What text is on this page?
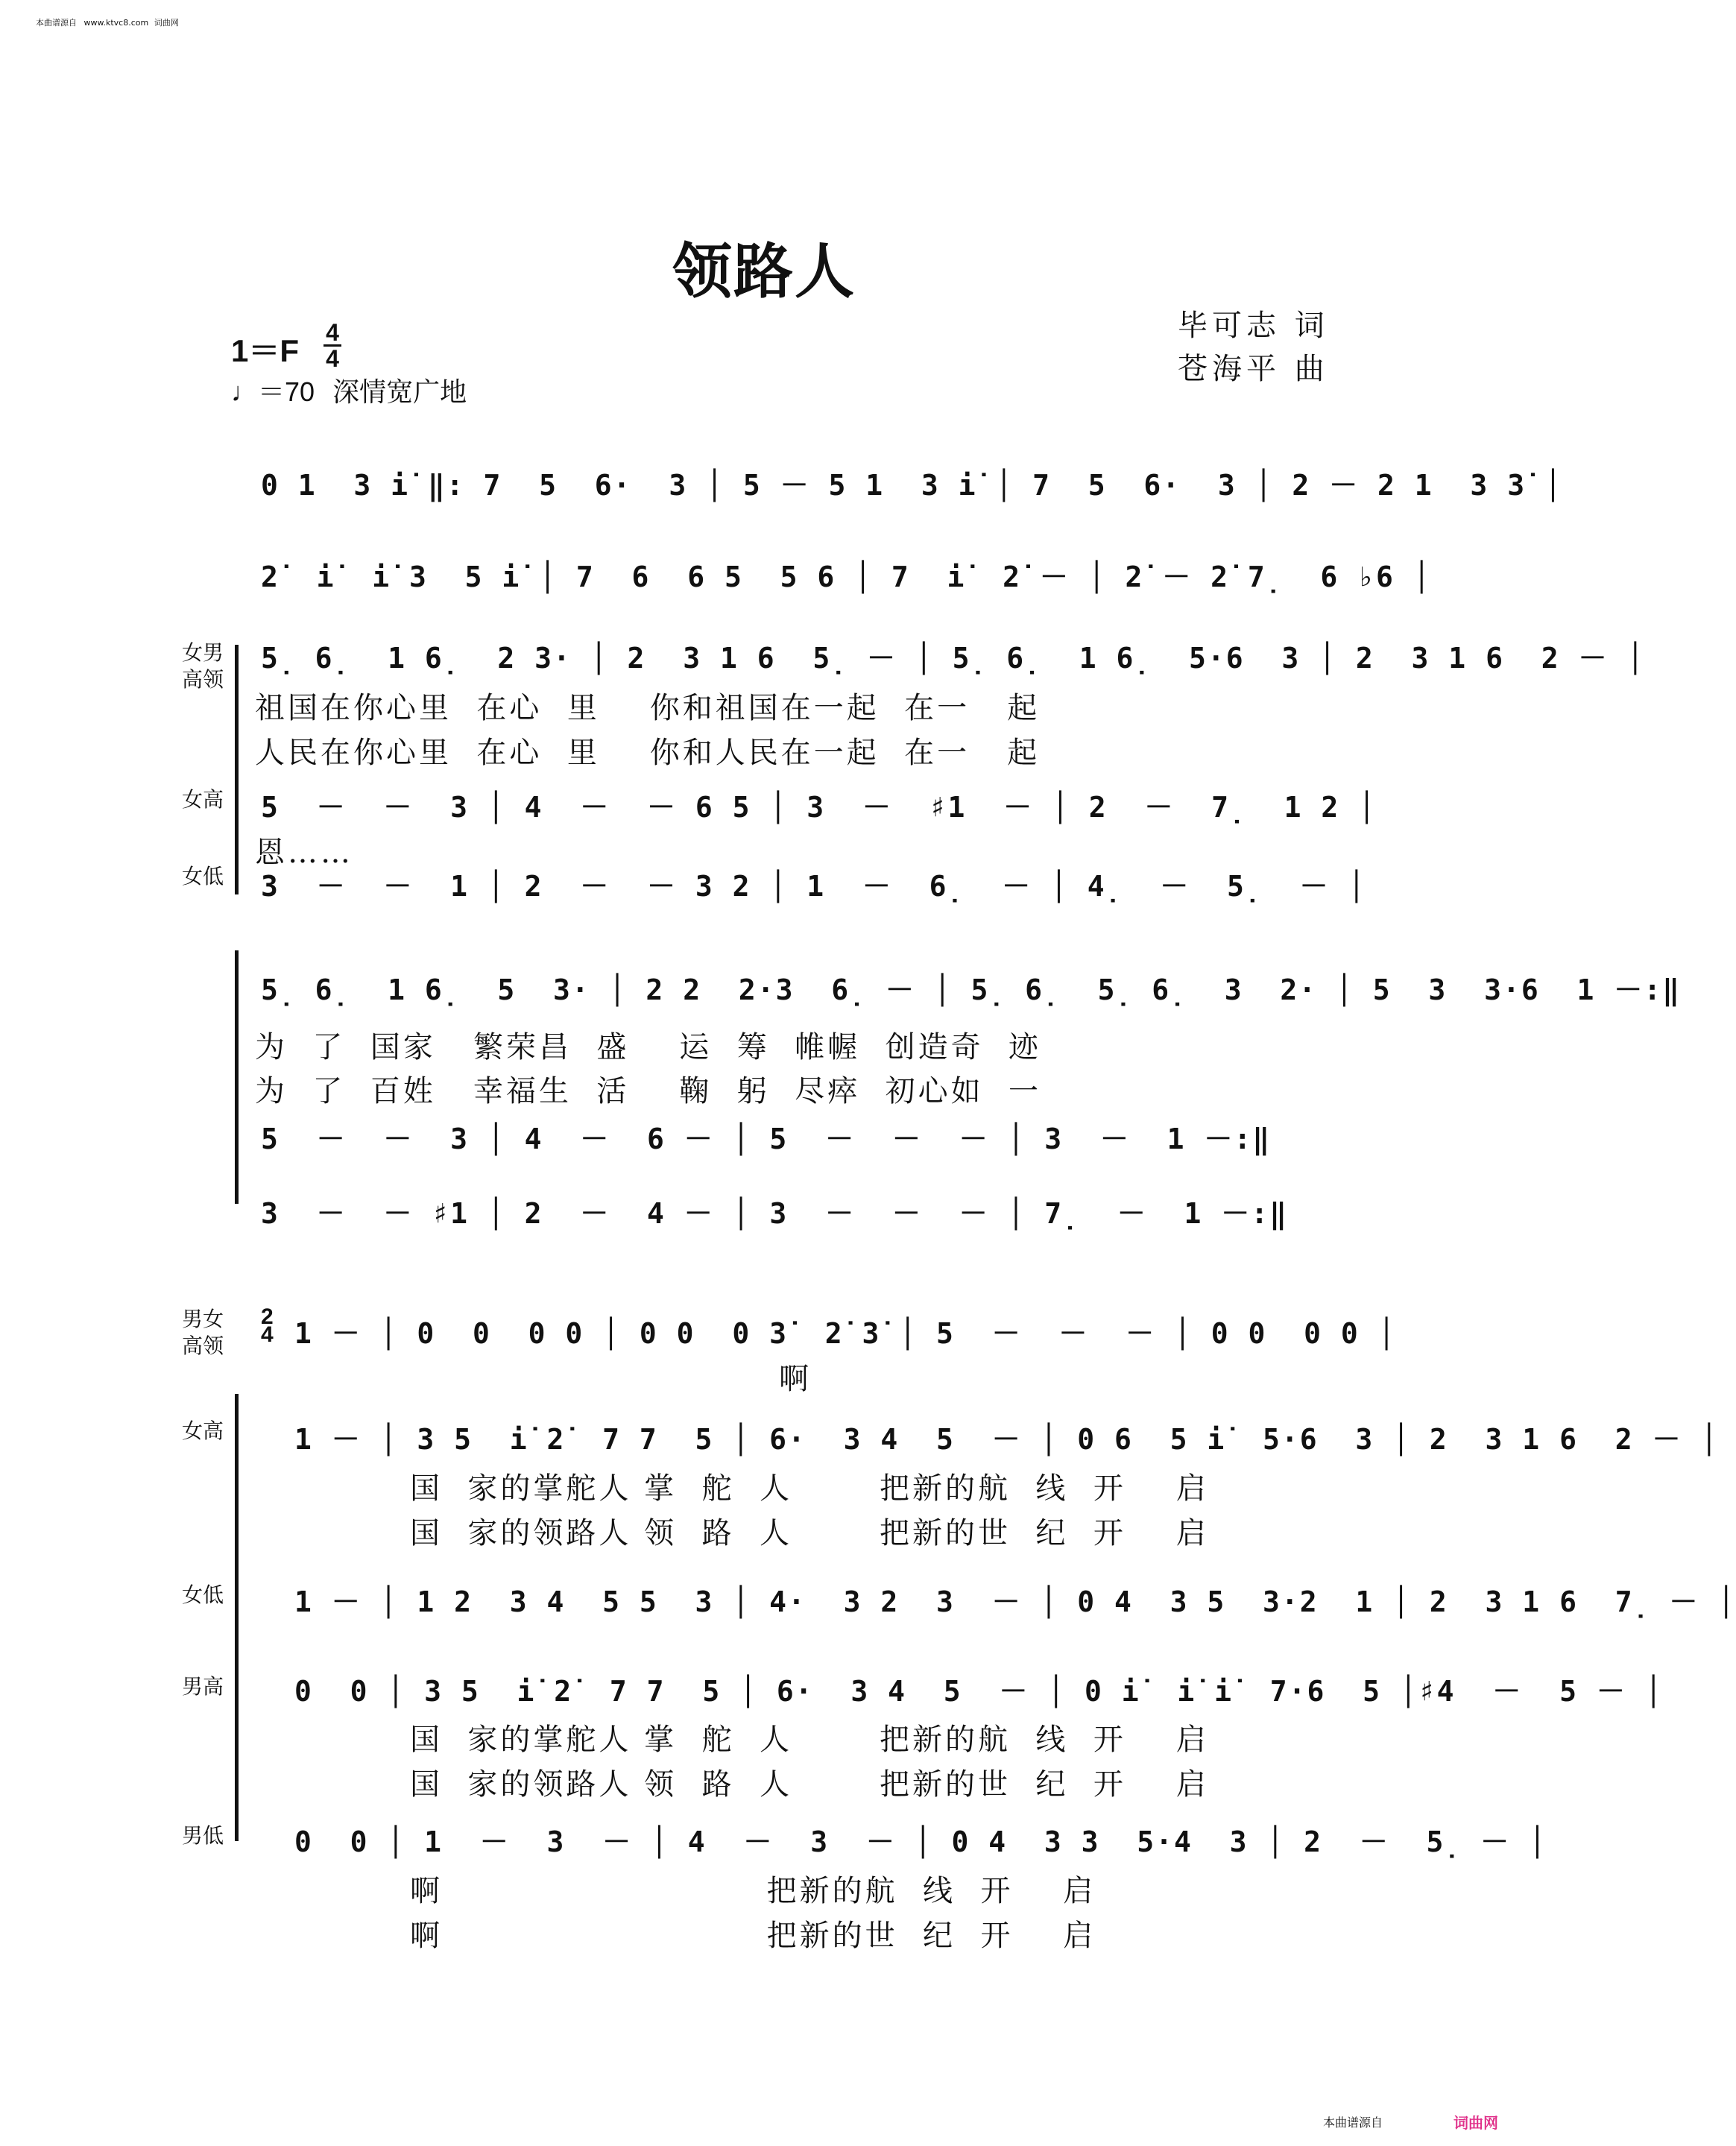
本曲谱源自 www.ktvc8.com 词曲网
领路人
毕可志 词
苍海平 曲
1＝F
4
4
♩＝70 深情宽广地
0 1  3 i̇ ‖: 7  5  6·  3 │ 5 － 5 1  3 i̇ │ 7  5  6·  3 │ 2 － 2 1  3 3̇ │
2̇  i̇  i̇ 3  5 i̇ │ 7  6  6 5  5 6 │ 7  i̇  2̇ － │ 2̇ － 2̇ 7̣  6 ♭6 │
女男
高领
女高
女低
5̣ 6̣  1 6̣  2 3· │ 2  3 1 6  5̣ － │ 5̣ 6̣  1 6̣  5·6  3 │ 2  3 1 6  2 － │
祖国在你心里  在心  里    你和祖国在一起  在一   起
人民在你心里  在心  里    你和人民在一起  在一   起
5  －  －  3 │ 4  －  － 6 5 │ 3  －  ♯1  － │ 2  －  7̣  1 2 │
恩……
3  －  －  1 │ 2  －  － 3 2 │ 1  －  6̣  － │ 4̣  －  5̣  － │
5̣ 6̣  1 6̣  5  3· │ 2 2  2·3  6̣ － │ 5̣ 6̣  5̣ 6̣  3  2· │ 5  3  3·6  1 －:‖
为  了  国家   繁荣昌  盛    运  筹  帷幄  创造奇  迹
为  了  百姓   幸福生  活    鞠  躬  尽瘁  初心如  一
5  －  －  3 │ 4  －  6 － │ 5  －  －  － │ 3  －  1 －:‖
3  －  － ♯1 │ 2  －  4 － │ 3  －  －  － │ 7̣  －  1 －:‖
男女
高领
女高
女低
男高
男低
2
4 1 － │ 0  0  0 0 │ 0 0  0 3̇  2̇ 3̇ │ 5  －  －  － │ 0 0  0 0 │
啊
1 － │ 3 5  i̇ 2̇  7 7  5 │ 6·  3 4  5  － │ 0 6  5 i̇  5·6  3 │ 2  3 1 6  2 － │
国  家的掌舵人 掌  舵  人       把新的航  线  开    启
国  家的领路人 领  路  人       把新的世  纪  开    启
1 － │ 1 2  3 4  5 5  3 │ 4·  3 2  3  － │ 0 4  3 5  3·2  1 │ 2  3 1 6  7̣ － │
0  0 │ 3 5  i̇ 2̇  7 7  5 │ 6·  3 4  5  － │ 0 i̇  i̇ i̇  7·6  5 │♯4  －  5 － │
国  家的掌舵人 掌  舵  人       把新的航  线  开    启
国  家的领路人 领  路  人       把新的世  纪  开    启
0  0 │ 1  －  3  － │ 4  －  3  － │ 0 4  3 3  5·4  3 │ 2  －  5̣ － │
啊                          把新的航  线  开    启
啊                          把新的世  纪  开    启
本曲谱源自	词曲网
